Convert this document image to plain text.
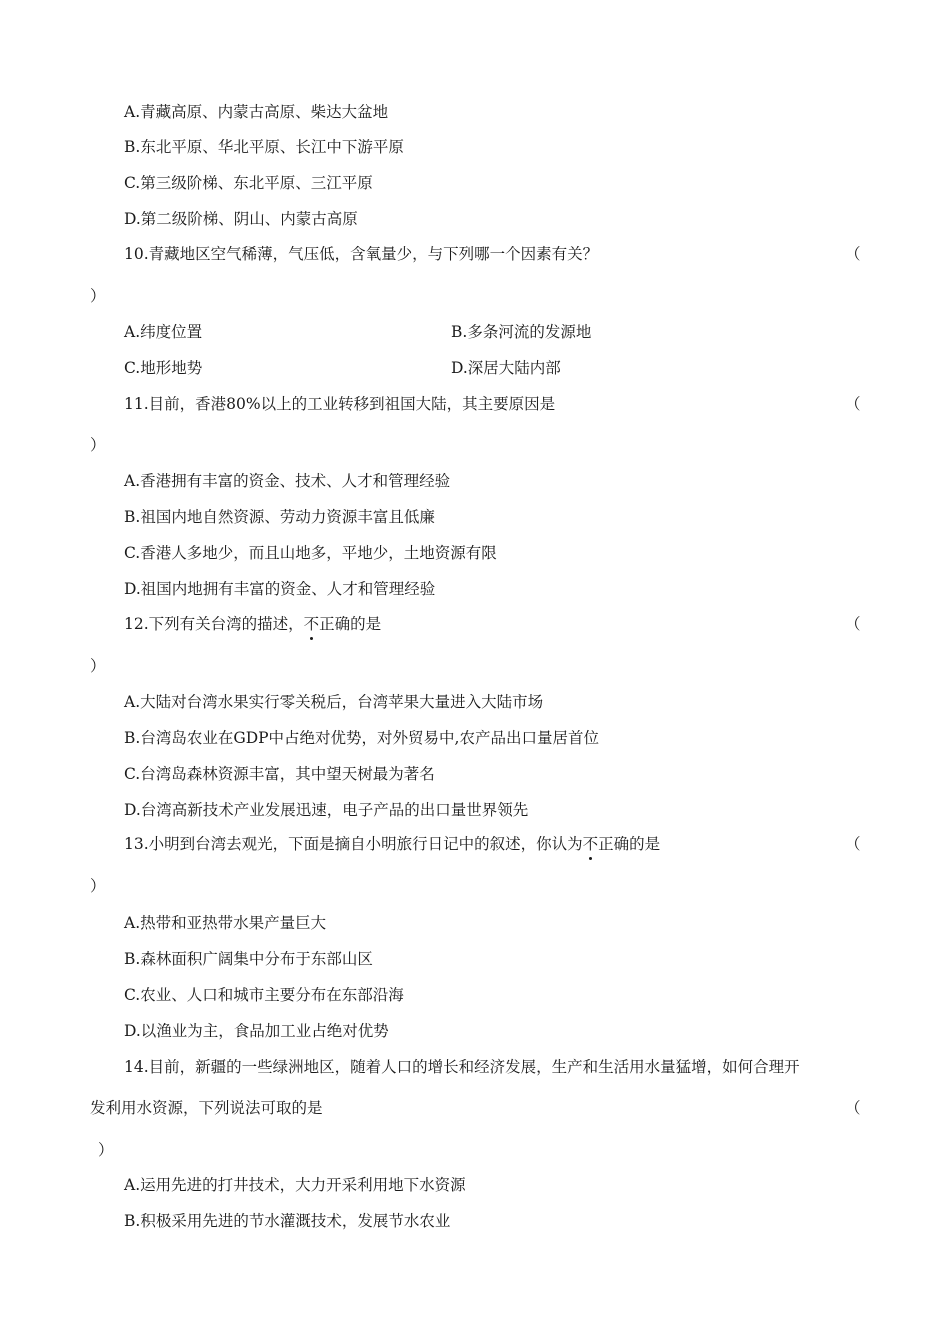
A.青藏高原、内蒙古高原、柴达大盆地
B.东北平原、华北平原、长江中下游平原
C.第三级阶梯、东北平原、三江平原
D.第二级阶梯、阴山、内蒙古高原
10.青藏地区空气稀薄，气压低，含氧量少，与下列哪一个因素有关？	（
）
A.纬度位置	B.多条河流的发源地
C.地形地势	D.深居大陆内部
11.目前，香港80%以上的工业转移到祖国大陆，其主要原因是	（
）
A.香港拥有丰富的资金、技术、人才和管理经验
B.祖国内地自然资源、劳动力资源丰富且低廉
C.香港人多地少，而且山地多，平地少，土地资源有限
D.祖国内地拥有丰富的资金、人才和管理经验
12.下列有关台湾的描述，不正确的是	（
）
A.大陆对台湾水果实行零关税后，台湾苹果大量进入大陆市场
B.台湾岛农业在GDP中占绝对优势，对外贸易中,农产品出口量居首位
C.台湾岛森林资源丰富，其中望天树最为著名
D.台湾高新技术产业发展迅速，电子产品的出口量世界领先
13.小明到台湾去观光，下面是摘自小明旅行日记中的叙述，你认为不正确的是	（
）
A.热带和亚热带水果产量巨大
B.森林面积广阔集中分布于东部山区
C.农业、人口和城市主要分布在东部沿海
D.以渔业为主，食品加工业占绝对优势
14.目前，新疆的一些绿洲地区，随着人口的增长和经济发展，生产和生活用水量猛增，如何合理开
发利用水资源，下列说法可取的是	（
）
A.运用先进的打井技术，大力开采利用地下水资源
B.积极采用先进的节水灌溉技术，发展节水农业
